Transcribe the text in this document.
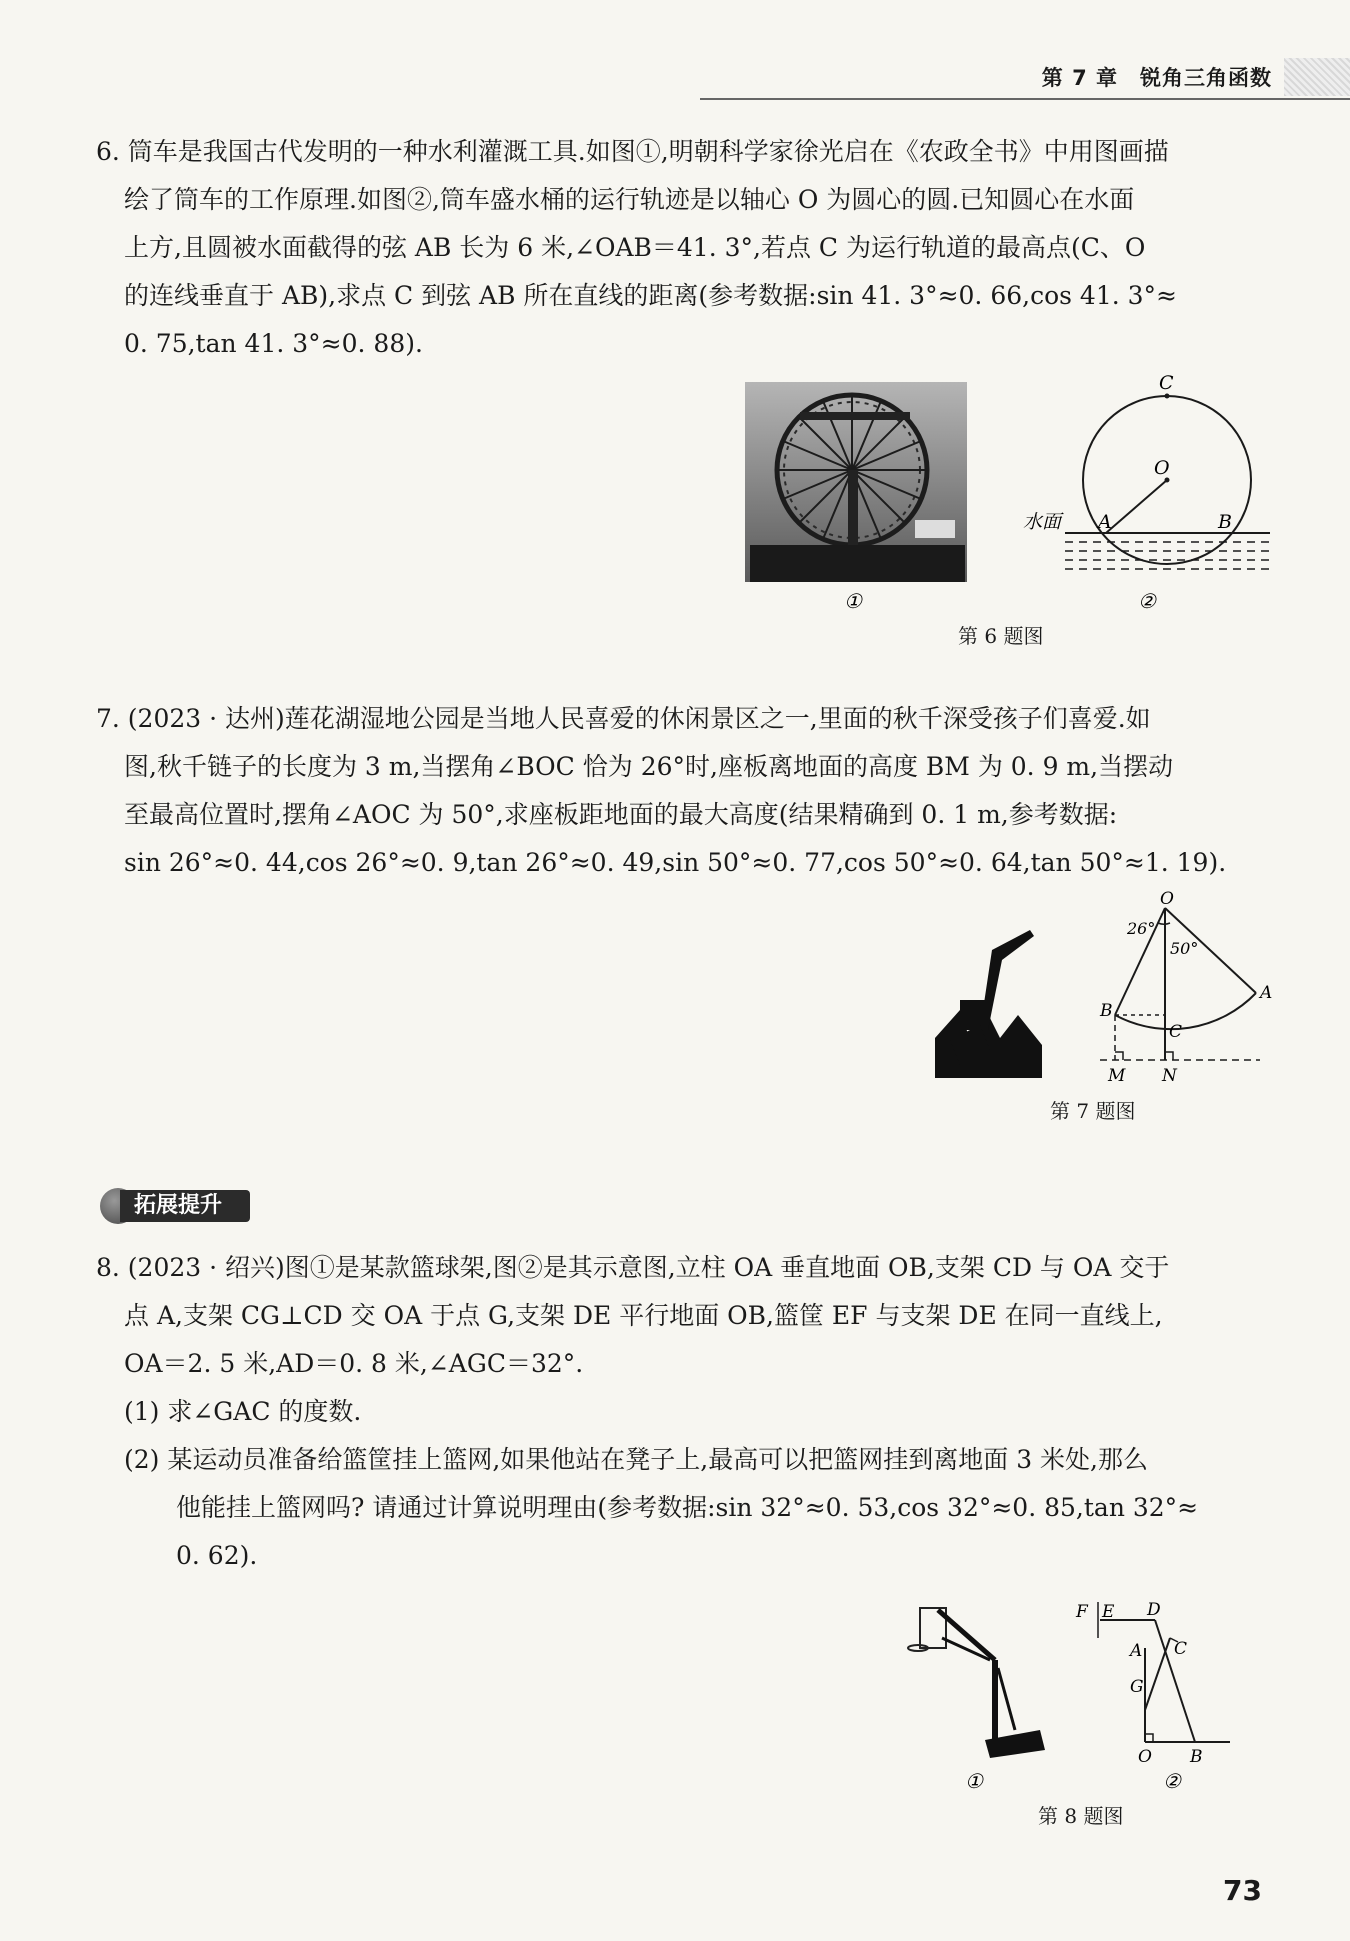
第 7 章　锐角三角函数

6. 筒车是我国古代发明的一种水利灌溉工具.如图①,明朝科学家徐光启在《农政全书》中用图画描

绘了筒车的工作原理.如图②,筒车盛水桶的运行轨迹是以轴心 O 为圆心的圆.已知圆心在水面

上方,且圆被水面截得的弦 AB 长为 6 米,∠OAB＝41. 3°,若点 C 为运行轨道的最高点(C、O

的连线垂直于 AB),求点 C 到弦 AB 所在直线的距离(参考数据:sin 41. 3°≈0. 66,cos 41. 3°≈

0. 75,tan 41. 3°≈0. 88).

①
C
O
A	B
水面
②
第 6 题图

7. (2023 · 达州)莲花湖湿地公园是当地人民喜爱的休闲景区之一,里面的秋千深受孩子们喜爱.如

图,秋千链子的长度为 3 m,当摆角∠BOC 恰为 26°时,座板离地面的高度 BM 为 0. 9 m,当摆动

至最高位置时,摆角∠AOC 为 50°,求座板距地面的最大高度(结果精确到 0. 1 m,参考数据:

sin 26°≈0. 44,cos 26°≈0. 9,tan 26°≈0. 49,sin 50°≈0. 77,cos 50°≈0. 64,tan 50°≈1. 19).

O
A
B
C
M N
26°
50°
第 7 题图
拓展提升

8. (2023 · 绍兴)图①是某款篮球架,图②是其示意图,立柱 OA 垂直地面 OB,支架 CD 与 OA 交于

点 A,支架 CG⊥CD 交 OA 于点 G,支架 DE 平行地面 OB,篮筐 EF 与支架 DE 在同一直线上,

OA＝2. 5 米,AD＝0. 8 米,∠AGC＝32°.

(1) 求∠GAC 的度数.

(2) 某运动员准备给篮筐挂上篮网,如果他站在凳子上,最高可以把篮网挂到离地面 3 米处,那么

他能挂上篮网吗? 请通过计算说明理由(参考数据:sin 32°≈0. 53,cos 32°≈0. 85,tan 32°≈

0. 62).

①
F E D
A C
G
O B
②
第 8 题图
73
